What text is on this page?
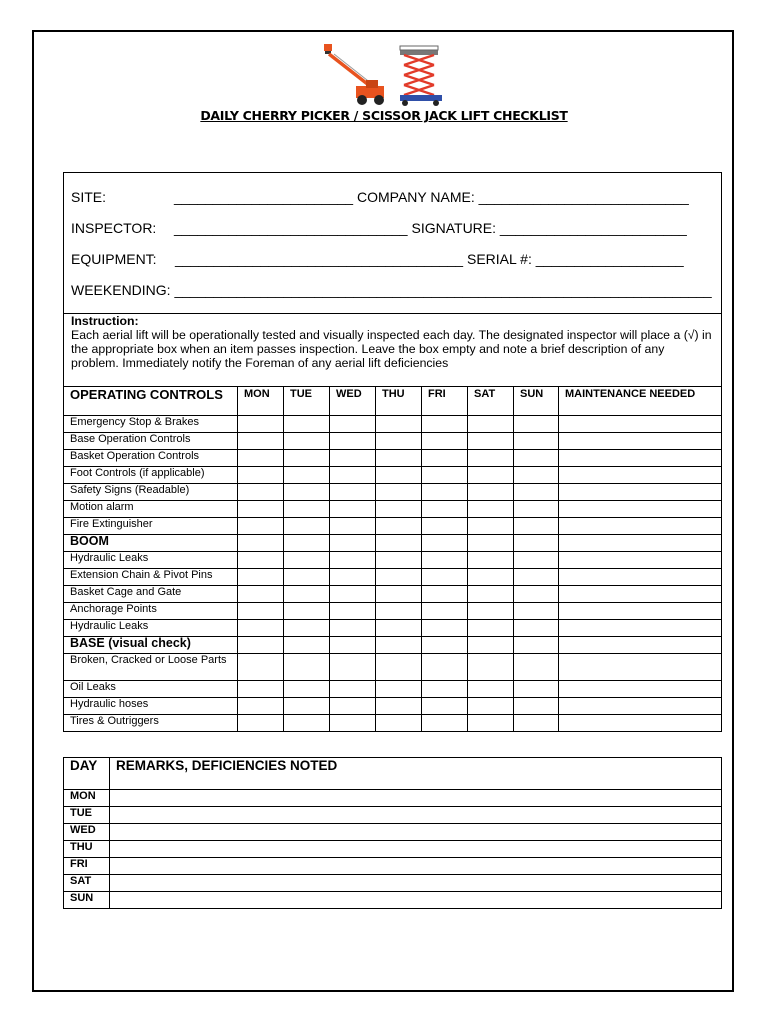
DAILY CHERRY PICKER / SCISSOR JACK LIFT CHECKLIST
SITE:	_______________________ COMPANY NAME: ___________________________
INSPECTOR: ______________________________ SIGNATURE: ________________________
EQUIPMENT: _____________________________________ SERIAL #: ___________________
WEEKENDING: _____________________________________________________________________
Instruction:
Each aerial lift will be operationally tested and visually inspected each day. The designated inspector will place a (√) in the appropriate box when an item passes inspection. Leave the box empty and note a brief description of any problem. Immediately notify the Foreman of any aerial lift deficiencies
OPERATING CONTROLS	MON	TUE	WED	THU	FRI	SAT	SUN	MAINTENANCE NEEDED
Emergency Stop & Brakes								
Base Operation Controls								
Basket Operation Controls								
Foot Controls (if applicable)								
Safety Signs (Readable)								
Motion alarm								
Fire Extinguisher								
BOOM								
Hydraulic Leaks								
Extension Chain & Pivot Pins								
Basket Cage and Gate								
Anchorage Points								
Hydraulic Leaks								
BASE (visual check)								
Broken, Cracked or Loose Parts								
Oil Leaks								
Hydraulic hoses								
Tires & Outriggers								
DAY	REMARKS, DEFICIENCIES NOTED
MON	
TUE	
WED	
THU	
FRI	
SAT	
SUN	
